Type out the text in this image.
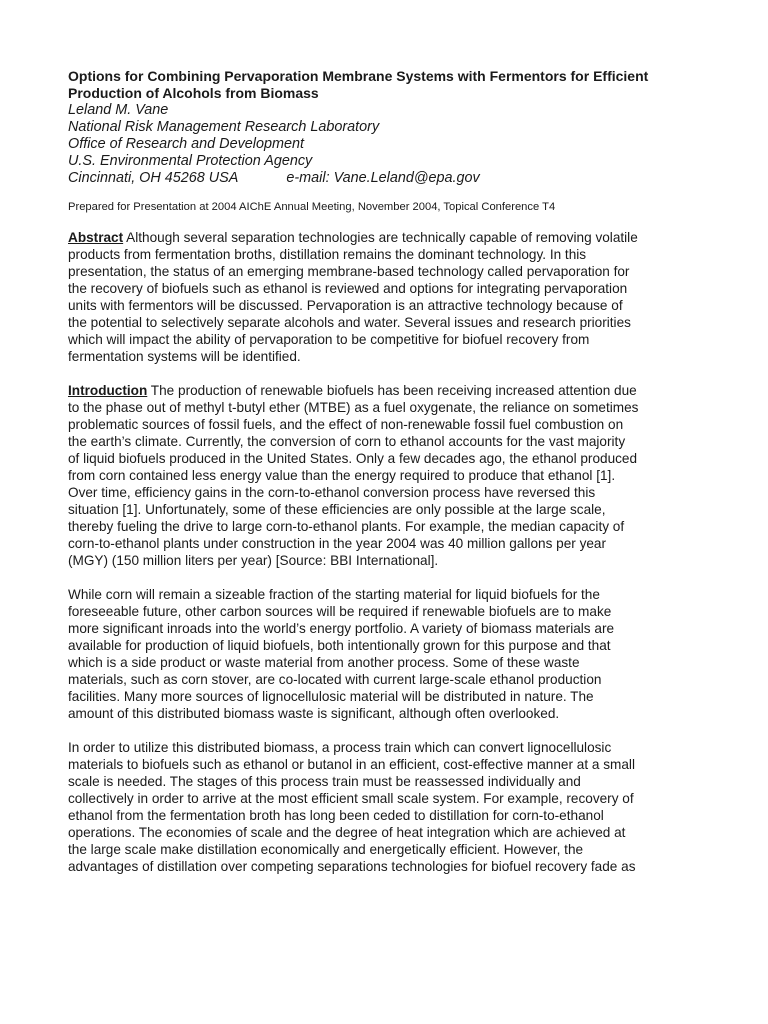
Options for Combining Pervaporation Membrane Systems with Fermentors for Efficient
Production of Alcohols from Biomass
Leland M. Vane
National Risk Management Research Laboratory
Office of Research and Development
U.S. Environmental Protection Agency
Cincinnati, OH 45268 USA	e-mail: Vane.Leland@epa.gov
Prepared for Presentation at 2004 AIChE Annual Meeting, November 2004, Topical Conference T4
Abstract Although several separation technologies are technically capable of removing volatile
products from fermentation broths, distillation remains the dominant technology. In this
presentation, the status of an emerging membrane-based technology called pervaporation for
the recovery of biofuels such as ethanol is reviewed and options for integrating pervaporation
units with fermentors will be discussed. Pervaporation is an attractive technology because of
the potential to selectively separate alcohols and water. Several issues and research priorities
which will impact the ability of pervaporation to be competitive for biofuel recovery from
fermentation systems will be identified.
Introduction The production of renewable biofuels has been receiving increased attention due
to the phase out of methyl t-butyl ether (MTBE) as a fuel oxygenate, the reliance on sometimes
problematic sources of fossil fuels, and the effect of non-renewable fossil fuel combustion on
the earth’s climate. Currently, the conversion of corn to ethanol accounts for the vast majority
of liquid biofuels produced in the United States. Only a few decades ago, the ethanol produced
from corn contained less energy value than the energy required to produce that ethanol [1].
Over time, efficiency gains in the corn-to-ethanol conversion process have reversed this
situation [1]. Unfortunately, some of these efficiencies are only possible at the large scale,
thereby fueling the drive to large corn-to-ethanol plants. For example, the median capacity of
corn-to-ethanol plants under construction in the year 2004 was 40 million gallons per year
(MGY) (150 million liters per year) [Source: BBI International].
While corn will remain a sizeable fraction of the starting material for liquid biofuels for the
foreseeable future, other carbon sources will be required if renewable biofuels are to make
more significant inroads into the world’s energy portfolio. A variety of biomass materials are
available for production of liquid biofuels, both intentionally grown for this purpose and that
which is a side product or waste material from another process. Some of these waste
materials, such as corn stover, are co-located with current large-scale ethanol production
facilities. Many more sources of lignocellulosic material will be distributed in nature. The
amount of this distributed biomass waste is significant, although often overlooked.
In order to utilize this distributed biomass, a process train which can convert lignocellulosic
materials to biofuels such as ethanol or butanol in an efficient, cost-effective manner at a small
scale is needed. The stages of this process train must be reassessed individually and
collectively in order to arrive at the most efficient small scale system. For example, recovery of
ethanol from the fermentation broth has long been ceded to distillation for corn-to-ethanol
operations. The economies of scale and the degree of heat integration which are achieved at
the large scale make distillation economically and energetically efficient. However, the
advantages of distillation over competing separations technologies for biofuel recovery fade as
